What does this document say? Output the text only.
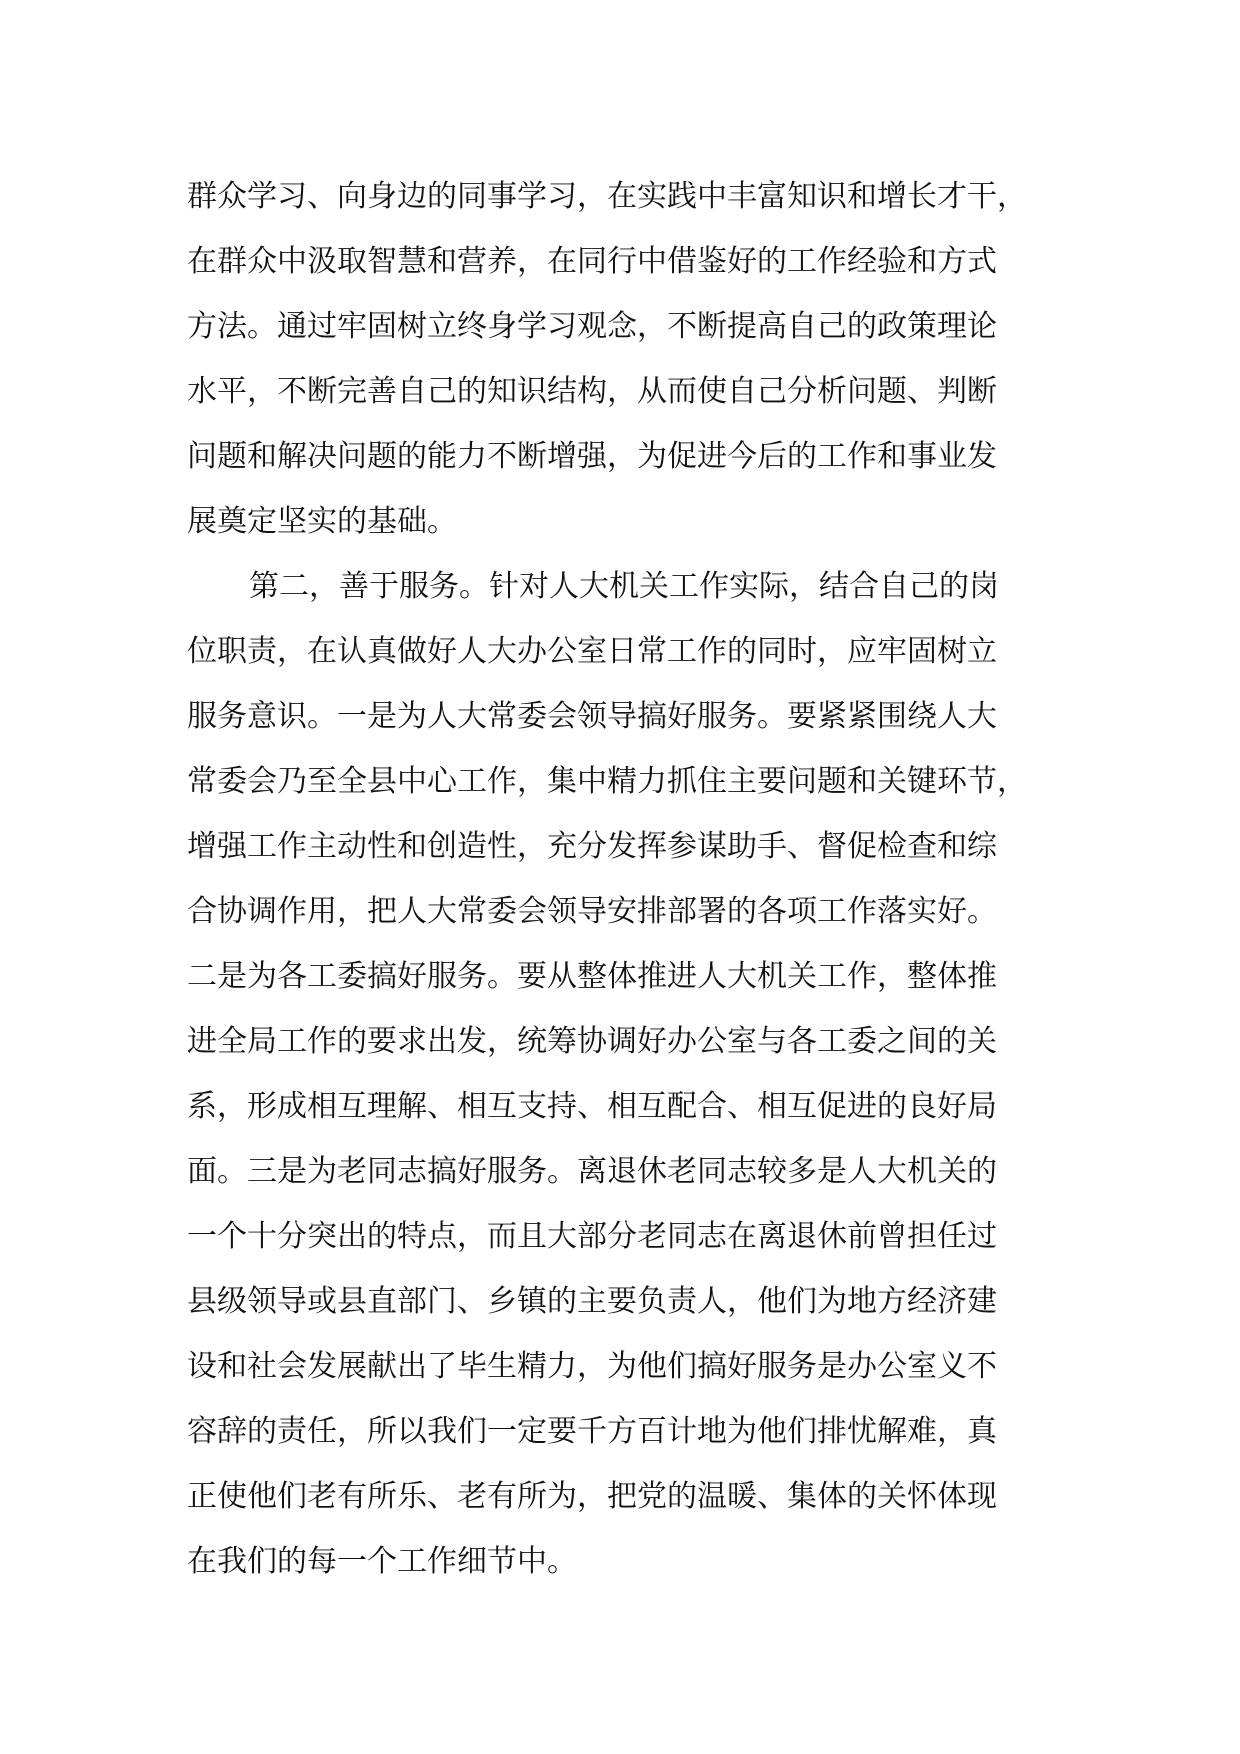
群众学习、向身边的同事学习，在实践中丰富知识和增长才干，
在群众中汲取智慧和营养，在同行中借鉴好的工作经验和方式
方法。通过牢固树立终身学习观念，不断提高自己的政策理论
水平，不断完善自己的知识结构，从而使自己分析问题、判断
问题和解决问题的能力不断增强，为促进今后的工作和事业发
展奠定坚实的基础。
第二，善于服务。针对人大机关工作实际，结合自己的岗
位职责，在认真做好人大办公室日常工作的同时，应牢固树立
服务意识。一是为人大常委会领导搞好服务。要紧紧围绕人大
常委会乃至全县中心工作，集中精力抓住主要问题和关键环节，
增强工作主动性和创造性，充分发挥参谋助手、督促检查和综
合协调作用，把人大常委会领导安排部署的各项工作落实好。
二是为各工委搞好服务。要从整体推进人大机关工作，整体推
进全局工作的要求出发，统筹协调好办公室与各工委之间的关
系，形成相互理解、相互支持、相互配合、相互促进的良好局
面。三是为老同志搞好服务。离退休老同志较多是人大机关的
一个十分突出的特点，而且大部分老同志在离退休前曾担任过
县级领导或县直部门、乡镇的主要负责人，他们为地方经济建
设和社会发展献出了毕生精力，为他们搞好服务是办公室义不
容辞的责任，所以我们一定要千方百计地为他们排忧解难，真
正使他们老有所乐、老有所为，把党的温暖、集体的关怀体现
在我们的每一个工作细节中。
